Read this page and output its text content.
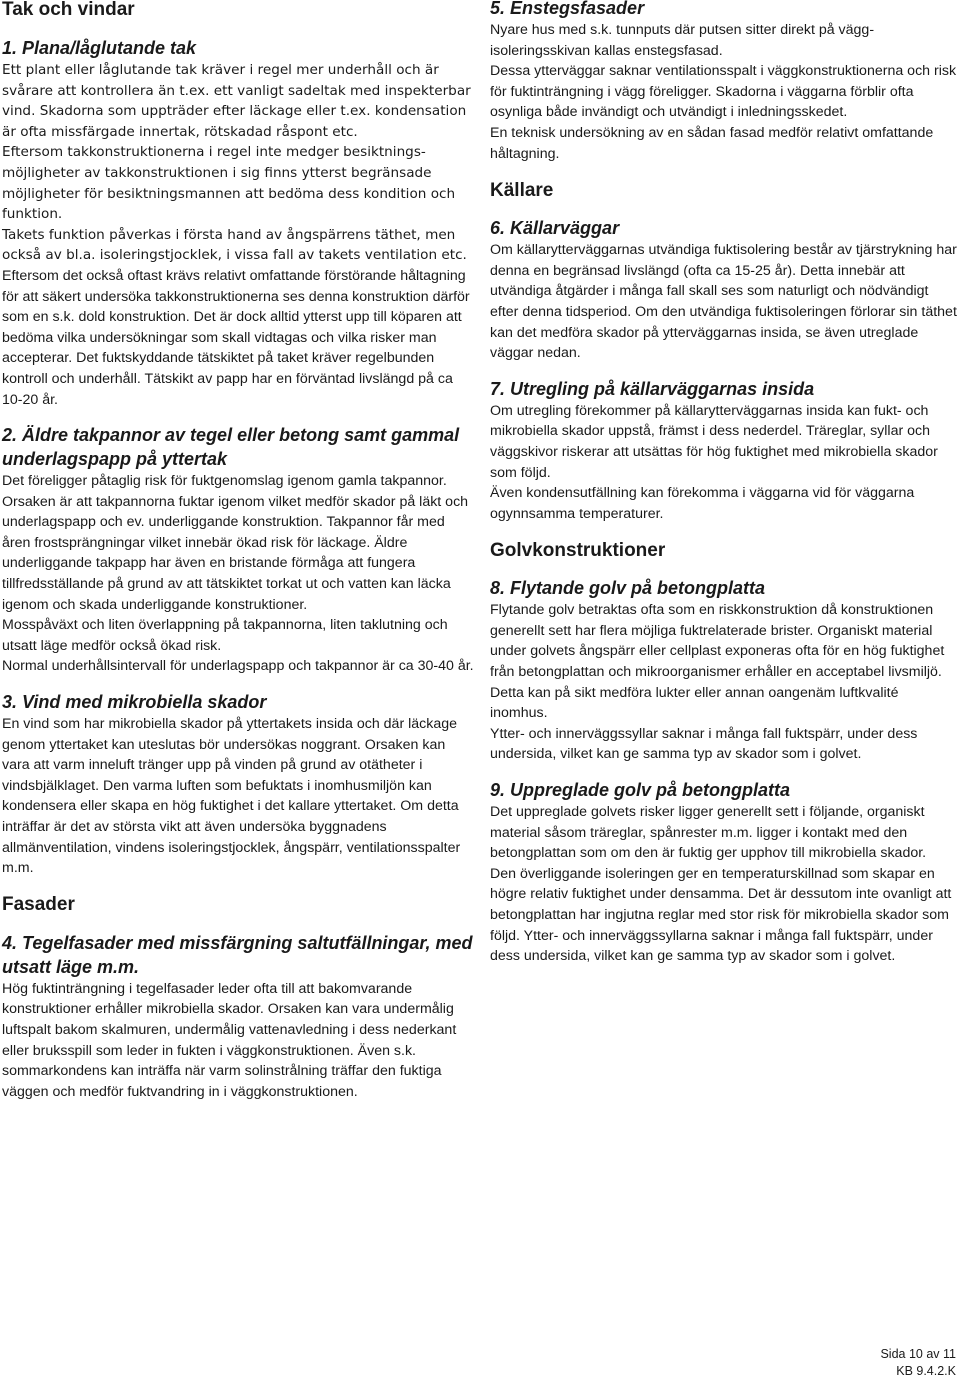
Tak och vindar
1. Plana/låglutande tak

Ett plant eller låglutande tak kräver i regel mer underhåll och är svårare att kontrollera än t.ex. ett vanligt sadeltak med inspekterbar vind. Skadorna som uppträder efter läckage eller t.ex. kondensation är ofta missfärgade innertak, rötskadad råspont etc.

Eftersom takkonstruktionerna i regel inte medger besiktningsmöjligheter av takkonstruktionen i sig finns ytterst begränsade möjligheter för besiktningsmannen att bedöma dess kondition och funktion.

Takets funktion påverkas i första hand av ångspärrens täthet, men också av bl.a. isoleringstjocklek, i vissa fall av takets ventilation etc.

Eftersom det också oftast krävs relativt omfattande förstörande håltagning för att säkert undersöka takkonstruktionerna ses denna konstruktion därför som en s.k. dold konstruktion. Det är dock alltid ytterst upp till köparen att bedöma vilka undersökningar som skall vidtagas och vilka risker man accepterar. Det fuktskyddande tätskiktet på taket kräver regelbunden kontroll och underhåll. Tätskikt av papp har en förväntad livslängd på ca 10-20 år.

2. Äldre takpannor av tegel eller betong samt gammal underlagspapp på yttertak

Det föreligger påtaglig risk för fuktgenomslag igenom gamla takpannor. Orsaken är att takpannorna fuktar igenom vilket medför skador på läkt och underlagspapp och ev. underliggande konstruktion. Takpannor får med åren frostsprängningar vilket innebär ökad risk för läckage. Äldre underliggande takpapp har även en bristande förmåga att fungera tillfredsställande på grund av att tätskiktet torkat ut och vatten kan läcka igenom och skada underliggande konstruktioner.

Mosspåväxt och liten överlappning på takpannorna, liten taklutning och utsatt läge medför också ökad risk.

Normal underhållsintervall för underlagspapp och takpannor är ca 30-40 år.

3. Vind med mikrobiella skador

En vind som har mikrobiella skador på yttertakets insida och där läckage genom yttertaket kan uteslutas bör undersökas noggrant. Orsaken kan vara att varm inneluft tränger upp på vinden på grund av otätheter i vindsbjälklaget. Den varma luften som befuktats i inomhusmiljön kan kondensera eller skapa en hög fuktighet i det kallare yttertaket. Om detta inträffar är det av största vikt att även undersöka byggnadens allmänventilation, vindens isoleringstjocklek, ångspärr, ventilationsspalter m.m.

Fasader
4. Tegelfasader med missfärgning saltutfällningar, med utsatt läge m.m.

Hög fuktinträngning i tegelfasader leder ofta till att bakomvarande konstruktioner erhåller mikrobiella skador. Orsaken kan vara undermålig luftspalt bakom skalmuren, undermålig vattenavledning i dess nederkant eller bruksspill som leder in fukten i väggkonstruktionen. Även s.k. sommarkondens kan inträffa när varm solinstrålning träffar den fuktiga väggen och medför fuktvandring in i väggkonstruktionen.

5. Enstegsfasader

Nyare hus med s.k. tunnputs där putsen sitter direkt på väggisoleringsskivan kallas enstegsfasad.

Dessa ytterväggar saknar ventilationsspalt i väggkonstruktionerna och risk för fuktinträngning i vägg föreligger. Skadorna i väggarna förblir ofta osynliga både invändigt och utvändigt i inledningsskedet.

En teknisk undersökning av en sådan fasad medför relativt omfattande håltagning.

Källare
6. Källarväggar

Om källarytterväggarnas utvändiga fuktisolering består av tjärstrykning har denna en begränsad livslängd (ofta ca 15-25 år). Detta innebär att utvändiga åtgärder i många fall skall ses som naturligt och nödvändigt efter denna tidsperiod. Om den utvändiga fuktisoleringen förlorar sin täthet kan det medföra skador på ytterväggarnas insida, se även utreglade väggar nedan.

7. Utregling på källarväggarnas insida

Om utregling förekommer på källarytterväggarnas insida kan fukt- och mikrobiella skador uppstå, främst i dess nederdel. Träreglar, syllar och väggskivor riskerar att utsättas för hög fuktighet med mikrobiella skador som följd.

Även kondensutfällning kan förekomma i väggarna vid för väggarna ogynnsamma temperaturer.

Golvkonstruktioner
8. Flytande golv på betongplatta

Flytande golv betraktas ofta som en riskkonstruktion då konstruktionen generellt sett har flera möjliga fuktrelaterade brister. Organiskt material under golvets ångspärr eller cellplast exponeras ofta för en hög fuktighet från betongplattan och mikroorganismer erhåller en acceptabel livsmiljö. Detta kan på sikt medföra lukter eller annan oangenäm luftkvalité inomhus.

Ytter- och innerväggssyllar saknar i många fall fuktspärr, under dess undersida, vilket kan ge samma typ av skador som i golvet.

9. Uppreglade golv på betongplatta

Det uppreglade golvets risker ligger generellt sett i följande, organiskt material såsom träreglar, spånrester m.m. ligger i kontakt med den betongplattan som om den är fuktig ger upphov till mikrobiella skador.

Den överliggande isoleringen ger en temperaturskillnad som skapar en högre relativ fuktighet under densamma. Det är dessutom inte ovanligt att betongplattan har ingjutna reglar med stor risk för mikrobiella skador som följd. Ytter- och innerväggssyllarna saknar i många fall fuktspärr, under dess undersida, vilket kan ge samma typ av skador som i golvet.

Sida 10 av 11
KB 9.4.2.K
